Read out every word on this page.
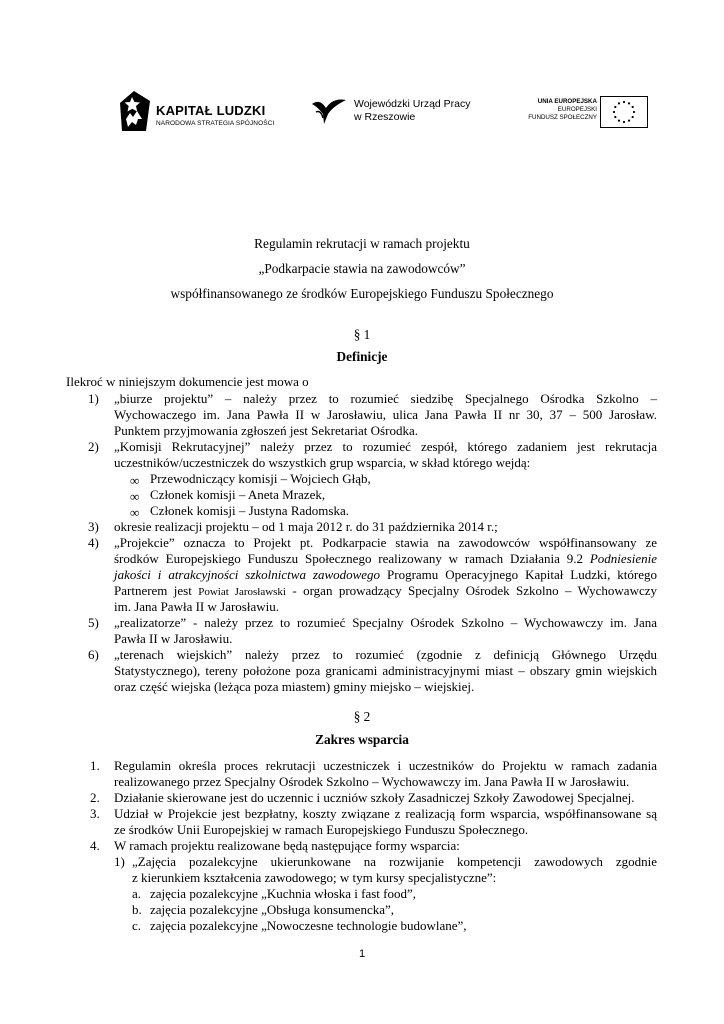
KAPITAŁ LUDZKI
NARODOWA STRATEGIA SPÓJNOŚCI
Wojewódzki Urząd Pracy
w Rzeszowie
UNIA EUROPEJSKA
EUROPEJSKI
FUNDUSZ SPOŁECZNY
Regulamin rekrutacji w ramach projektu
„Podkarpacie stawia na zawodowców”
współfinansowanego ze środków Europejskiego Funduszu Społecznego
§ 1
Definicje
Ilekroć w niniejszym dokumencie jest mowa o
1) „biurze projektu” – należy przez to rozumieć siedzibę Specjalnego Ośrodka Szkolno –
Wychowaczego im. Jana Pawła II w Jarosławiu, ulica Jana Pawła II nr 30, 37 – 500 Jarosław.
Punktem przyjmowania zgłoszeń jest Sekretariat Ośrodka.
2) „Komisji Rekrutacyjnej” należy przez to rozumieć zespół, którego zadaniem jest rekrutacja
uczestników/uczestniczek do wszystkich grup wsparcia, w skład którego wejdą:
∞ Przewodniczący komisji – Wojciech Głąb,
∞ Członek komisji – Aneta Mrazek,
∞ Członek komisji – Justyna Radomska.
3) okresie realizacji projektu – od 1 maja 2012 r. do 31 października 2014 r.;
4) „Projekcie” oznacza to Projekt pt. Podkarpacie stawia na zawodowców współfinansowany ze
środków Europejskiego Funduszu Społecznego realizowany w ramach Działania 9.2 Podniesienie
jakości i atrakcyjności szkolnictwa zawodowego Programu Operacyjnego Kapitał Ludzki, którego
Partnerem jest Powiat Jarosławski - organ prowadzący Specjalny Ośrodek Szkolno – Wychowawczy
im. Jana Pawła II w Jarosławiu.
5) „realizatorze” - należy przez to rozumieć Specjalny Ośrodek Szkolno – Wychowawczy im. Jana
Pawła II w Jarosławiu.
6) „terenach wiejskich” należy przez to rozumieć (zgodnie z definicją Głównego Urzędu
Statystycznego), tereny położone poza granicami administracyjnymi miast – obszary gmin wiejskich
oraz część wiejska (leżąca poza miastem) gminy miejsko – wiejskiej.
§ 2
Zakres wsparcia
1. Regulamin określa proces rekrutacji uczestniczek i uczestników do Projektu w ramach zadania
realizowanego przez Specjalny Ośrodek Szkolno – Wychowawczy im. Jana Pawła II w Jarosławiu.
2. Działanie skierowane jest do uczennic i uczniów szkoły Zasadniczej Szkoły Zawodowej Specjalnej.
3. Udział w Projekcie jest bezpłatny, koszty związane z realizacją form wsparcia, współfinansowane są
ze środków Unii Europejskiej w ramach Europejskiego Funduszu Społecznego.
4. W ramach projektu realizowane będą następujące formy wsparcia:
1) „Zajęcia pozalekcyjne ukierunkowane na rozwijanie kompetencji zawodowych zgodnie
z kierunkiem kształcenia zawodowego; w tym kursy specjalistyczne”:
a. zajęcia pozalekcyjne „Kuchnia włoska i fast food”,
b. zajęcia pozalekcyjne „Obsługa konsumencka”,
c. zajęcia pozalekcyjne „Nowoczesne technologie budowlane”,
1
